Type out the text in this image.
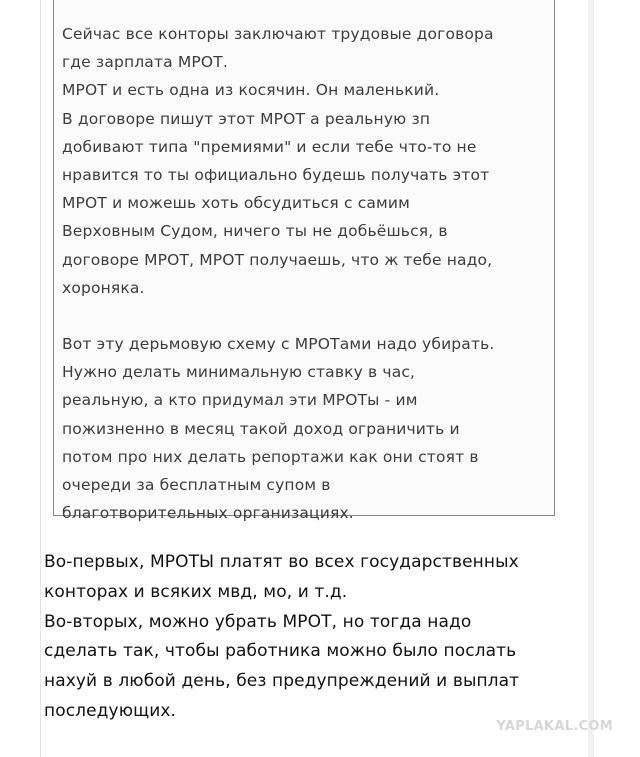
Сейчас все конторы заключают трудовые договора
где зарплата МРОТ.
МРОТ и есть одна из косячин. Он маленький.
В договоре пишут этот МРОТ а реальную зп
добивают типа "премиями" и если тебе что-то не
нравится то ты официально будешь получать этот
МРОТ и можешь хоть обсудиться с самим
Верховным Судом, ничего ты не добьёшься, в
договоре МРОТ, МРОТ получаешь, что ж тебе надо,
хороняка.

Вот эту дерьмовую схему с МРОТами надо убирать.
Нужно делать минимальную ставку в час,
реальную, а кто придумал эти МРОТы - им
пожизненно в месяц такой доход ограничить и
потом про них делать репортажи как они стоят в
очереди за бесплатным супом в
благотворительных организациях.

Во-первых, МРОТЫ платят во всех государственных
конторах и всяких мвд, мо, и т.д.
Во-вторых, можно убрать МРОТ, но тогда надо
сделать так, чтобы работника можно было послать
нахуй в любой день, без предупреждений и выплат
последующих.

YAPLAKAL.COM
